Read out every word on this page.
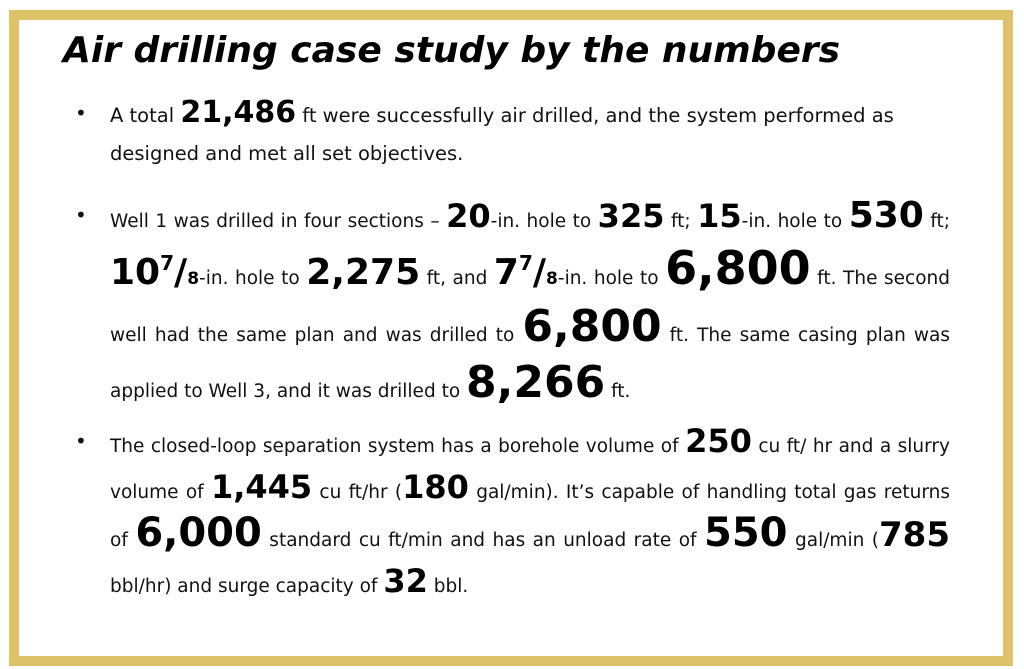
Air drilling case study by the numbers
• A total 21,486 ft were successfully air drilled, and the system performed as designed and met all set objectives.
• Well 1 was drilled in four sections – 20-in. hole to 325 ft; 15-in. hole to 530 ft; 107/8-in. hole to 2,275 ft, and 77/8-in. hole to 6,800 ft. The second well had the same plan and was drilled to 6,800 ft. The same casing plan was applied to Well 3, and it was drilled to 8,266 ft.
• The closed-loop separation system has a borehole volume of 250 cu ft/ hr and a slurry volume of 1,445 cu ft/hr (180 gal/min). It’s capable of handling total gas returns of 6,000 standard cu ft/min and has an unload rate of 550 gal/min (785 bbl/hr) and surge capacity of 32 bbl.
